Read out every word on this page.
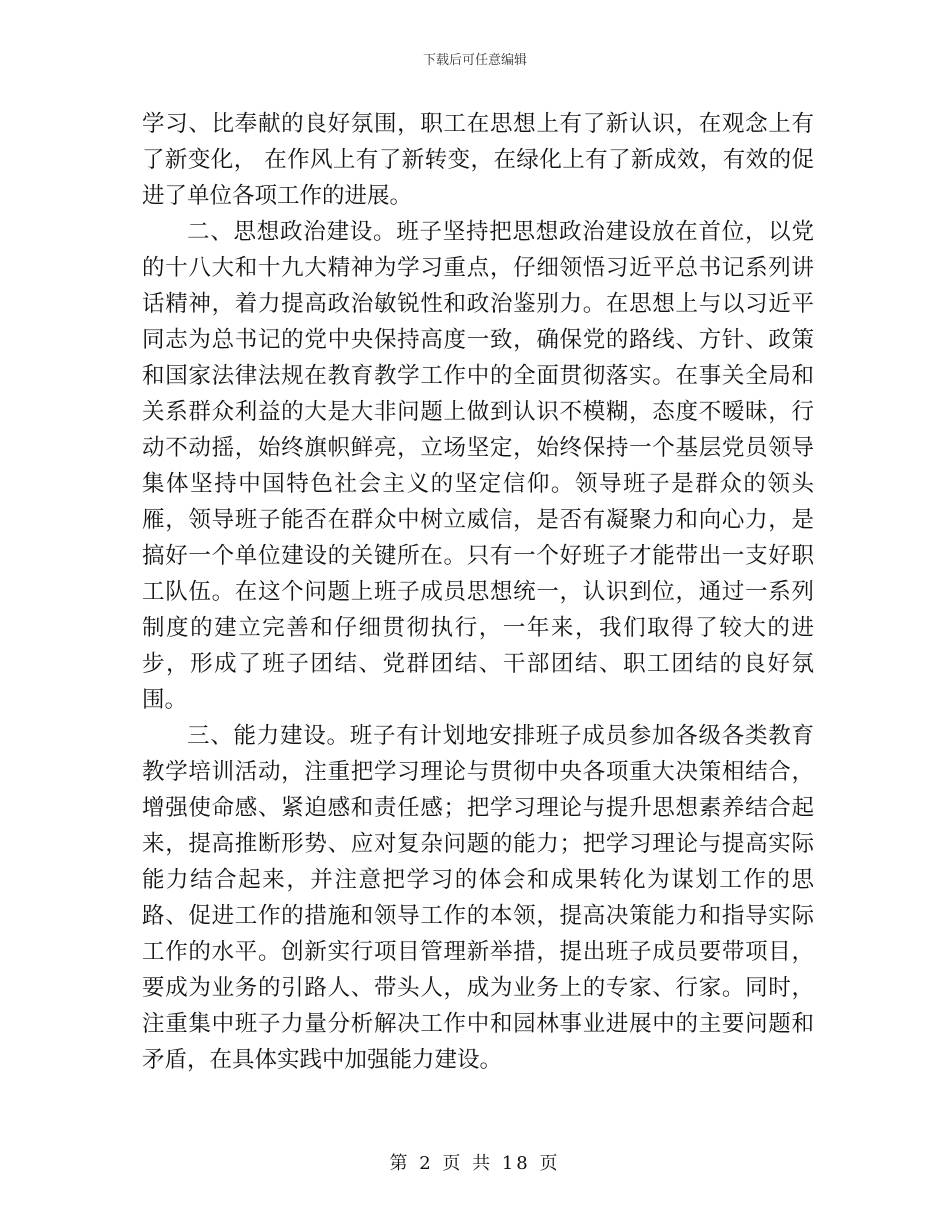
下载后可任意编辑

学习、比奉献的良好氛围，职工在思想上有了新认识，在观念上有了新变化， 在作风上有了新转变，在绿化上有了新成效，有效的促进了单位各项工作的进展。

二、思想政治建设。班子坚持把思想政治建设放在首位，以党的十八大和十九大精神为学习重点，仔细领悟习近平总书记系列讲话精神，着力提高政治敏锐性和政治鉴别力。在思想上与以习近平同志为总书记的党中央保持高度一致，确保党的路线、方针、政策和国家法律法规在教育教学工作中的全面贯彻落实。在事关全局和关系群众利益的大是大非问题上做到认识不模糊，态度不暧昧，行动不动摇，始终旗帜鲜亮，立场坚定，始终保持一个基层党员领导集体坚持中国特色社会主义的坚定信仰。领导班子是群众的领头雁，领导班子能否在群众中树立威信，是否有凝聚力和向心力，是搞好一个单位建设的关键所在。只有一个好班子才能带出一支好职工队伍。在这个问题上班子成员思想统一，认识到位，通过一系列制度的建立完善和仔细贯彻执行，一年来，我们取得了较大的进步，形成了班子团结、党群团结、干部团结、职工团结的良好氛围。

三、能力建设。班子有计划地安排班子成员参加各级各类教育教学培训活动，注重把学习理论与贯彻中央各项重大决策相结合，增强使命感、紧迫感和责任感；把学习理论与提升思想素养结合起来，提高推断形势、应对复杂问题的能力；把学习理论与提高实际能力结合起来，并注意把学习的体会和成果转化为谋划工作的思路、促进工作的措施和领导工作的本领，提高决策能力和指导实际工作的水平。创新实行项目管理新举措，提出班子成员要带项目，要成为业务的引路人、带头人，成为业务上的专家、行家。同时，注重集中班子力量分析解决工作中和园林事业进展中的主要问题和矛盾，在具体实践中加强能力建设。

第 2 页 共 18 页
